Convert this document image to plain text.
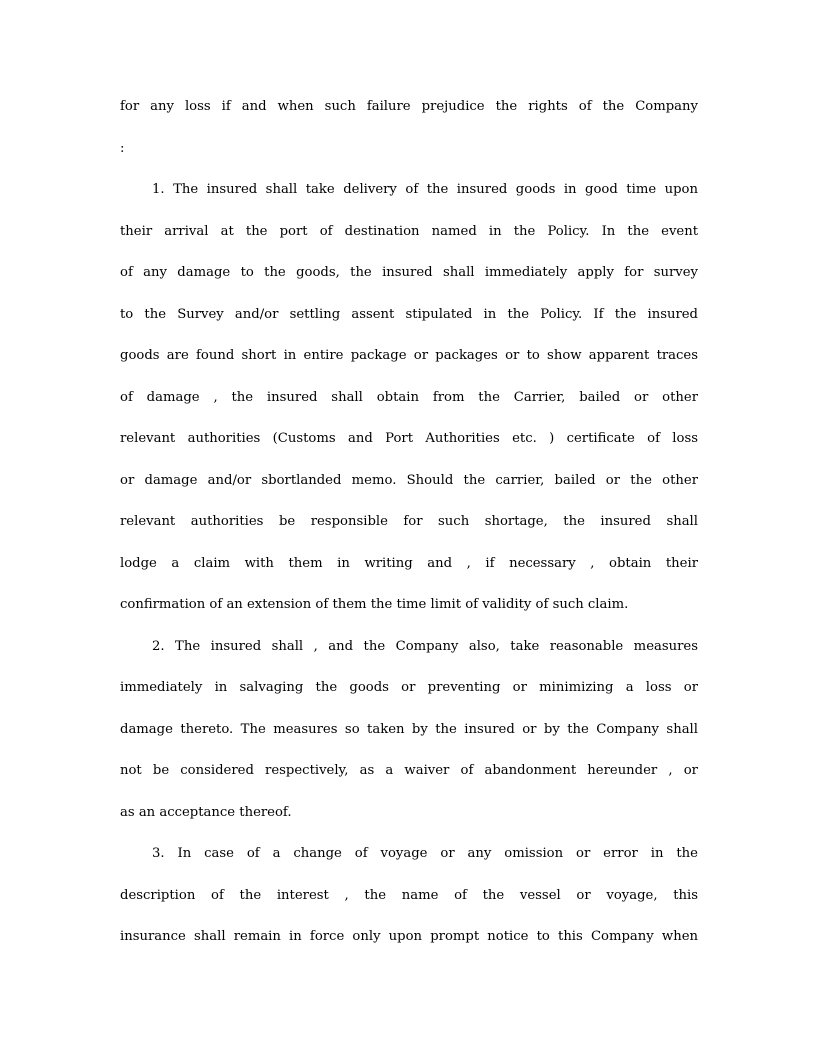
for any loss if and when such failure prejudice the rights of the Company
:
1. The insured shall take delivery of the insured goods in good time upon
their arrival at the port of destination named in the Policy. In the event
of any damage to the goods, the insured shall immediately apply for survey
to the Survey and/or settling assent stipulated in the Policy. If the insured
goods are found short in entire package or packages or to show apparent traces
of damage , the insured shall obtain from the Carrier, bailed or other
relevant authorities (Customs and Port Authorities etc. ) certificate of loss
or damage and/or sbortlanded memo. Should the carrier, bailed or the other
relevant authorities be responsible for such shortage, the insured shall
lodge a claim with them in writing and , if necessary , obtain their
confirmation of an extension of them the time limit of validity of such claim.
2. The insured shall , and the Company also, take reasonable measures
immediately in salvaging the goods or preventing or minimizing a loss or
damage thereto. The measures so taken by the insured or by the Company shall
not be considered respectively, as a waiver of abandonment hereunder , or
as an acceptance thereof.
3. In case of a change of voyage or any omission or error in the
description of the interest , the name of the vessel or voyage, this
insurance shall remain in force only upon prompt notice to this Company when
